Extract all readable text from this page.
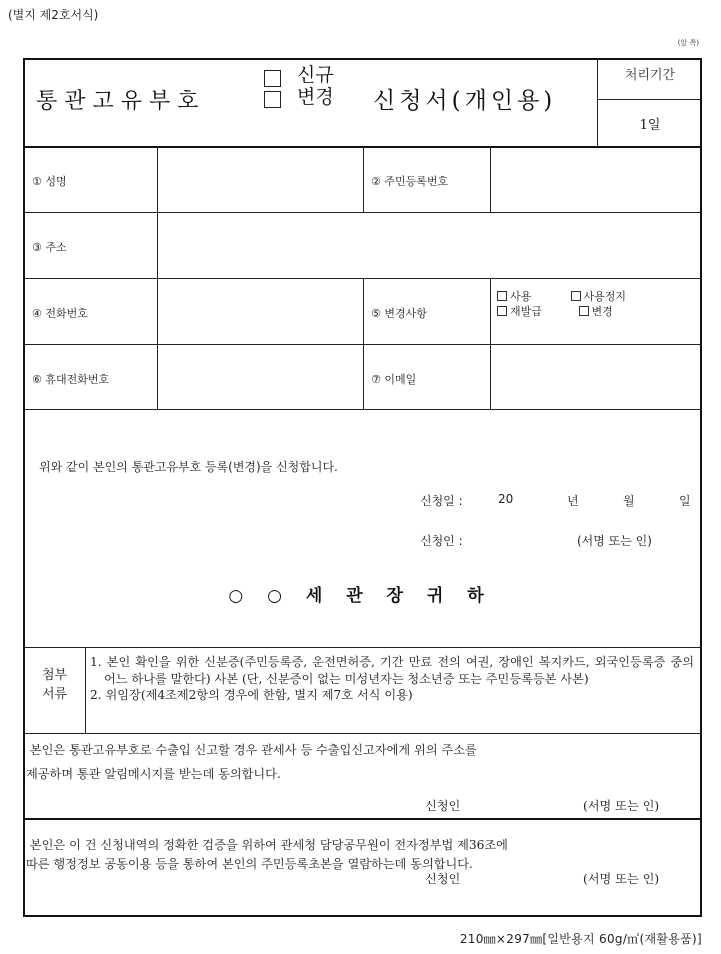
(별지 제2호서식)
(앞 쪽)
통관고유부호
신규
변경 신청서(개인용)
처리기간
1일
① 성명	② 주민등록번호
③ 주소
④ 전화번호	⑤ 변경사항
사용	사용정지
재발급	변경
⑥ 휴대전화번호	⑦ 이메일
위와 같이 본인의 통관고유부호 등록(변경)을 신청합니다.
신청일 :	20	년	월	일
신청인 :	(서명 또는 인)
○ ○ 세 관 장 귀 하
첨부
서류
1. 본인 확인을 위한 신분증(주민등록증, 운전면허증, 기간 만료 전의 여권, 장애인 복지카드, 외국인등록증 중의 어느 하나를 말한다) 사본 (단, 신분증이 없는 미성년자는 청소년증 또는 주민등록등본 사본)
2. 위임장(제4조제2항의 경우에 한함, 별지 제7호 서식 이용)
본인은 통관고유부호로 수출입 신고할 경우 관세사 등 수출입신고자에게 위의 주소를
제공하며 통관 알림메시지를 받는데 동의합니다.
신청인	(서명 또는 인)
본인은 이 건 신청내역의 정확한 검증을 위하여 관세청 담당공무원이 전자정부법 제36조에
따른 행정정보 공동이용 등을 통하여 본인의 주민등록초본을 열람하는데 동의합니다.
신청인	(서명 또는 인)
210㎜×297㎜[일반용지 60g/㎡(재활용품)]
